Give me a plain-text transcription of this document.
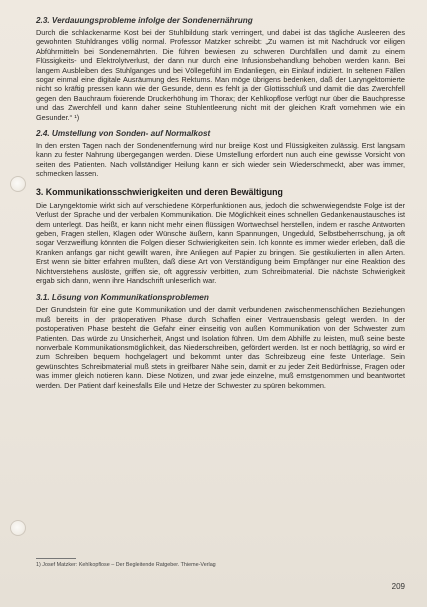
2.3. Verdauungsprobleme infolge der Sondenernährung

Durch die schlackenarme Kost bei der Stuhlbildung stark verringert, und dabei ist das tägliche Ausleeren des gewohnten Stuhldranges völlig normal. Professor Matzker schreibt: „Zu warnen ist mit Nachdruck vor eiligen Abführmitteln bei Sondenernährten. Die führen bewiesen zu schweren Durchfällen und damit zu einem Flüssigkeits- und Elektrolytverlust, der dann nur durch eine Infusionsbehandlung behoben werden kann. Bei langem Ausbleiben des Stuhlganges und bei Völlegefühl im Endanliegen, ein Einlauf indiziert. In seltenen Fällen sogar einmal eine digitale Ausräumung des Rektums. Man möge übrigens bedenken, daß der Laryngektomierte nicht so kräftig pressen kann wie der Gesunde, denn es fehlt ja der Glottisschluß und damit die das Zwerchfell gegen den Bauchraum fixierende Druckerhöhung im Thorax; der Kehlkopflose verfügt nur über die Bauchpresse und das Zwerchfell und kann daher seine Stuhlentleerung nicht mit der gleichen Kraft vornehmen wie ein Gesunder.“ ¹)

2.4. Umstellung von Sonden- auf Normalkost

In den ersten Tagen nach der Sondenentfernung wird nur breiige Kost und Flüssigkeiten zulässig. Erst langsam kann zu fester Nahrung übergegangen werden. Diese Umstellung erfordert nun auch eine gewisse Vorsicht von seiten des Patienten. Nach vollständiger Heilung kann er sich wieder sein Wiederschmeckt, aber was immer, schmecken lassen.

3. Kommunikationsschwierigkeiten und deren Bewältigung

Die Laryngektomie wirkt sich auf verschiedene Körperfunktionen aus, jedoch die schwerwiegendste Folge ist der Verlust der Sprache und der verbalen Kommunikation. Die Möglichkeit eines schnellen Gedankenaustausches ist dem unterlegt. Das heißt, er kann nicht mehr einen flüssigen Wortwechsel herstellen, indem er rasche Antworten geben, Fragen stellen, Klagen oder Wünsche äußern, kann Spannungen, Ungeduld, Selbstbeherrschung, ja oft sogar Verzweiflung könnten die Folgen dieser Schwierigkeiten sein. Ich konnte es immer wieder erleben, daß die Kranken anfangs gar nicht gewillt waren, ihre Anliegen auf Papier zu bringen. Sie gestikulierten in allen Arten. Erst wenn sie bitter erfahren mußten, daß diese Art von Verständigung beim Empfänger nur eine Reaktion des Nichtverstehens auslöste, griffen sie, oft aggressiv verbitten, zum Schreibmaterial. Die nächste Schwierigkeit ergab sich dann, wenn ihre Handschrift unleserlich war.

3.1. Lösung von Kommunikationsproblemen

Der Grundstein für eine gute Kommunikation und der damit verbundenen zwischenmenschlichen Beziehungen muß bereits in der präoperativen Phase durch Schaffen einer Vertrauensbasis gelegt werden. In der postoperativen Phase besteht die Gefahr einer einseitig von außen Kommunikation von der Schwester zum Patienten. Das würde zu Unsicherheit, Angst und Isolation führen. Um dem Abhilfe zu leisten, muß seine beste nonverbale Kommunikationsmöglichkeit, das Niederschreiben, gefördert werden. Ist er noch bettlägrig, so wird er zum Schreiben bequem hochgelagert und bekommt unter das Schreibzeug eine feste Unterlage. Sein gewünschtes Schreibmaterial muß stets in greifbarer Nähe sein, damit er zu jeder Zeit Bedürfnisse, Fragen oder was immer gleich notieren kann. Diese Notizen, und zwar jede einzelne, muß ernstgenommen und beantwortet werden. Der Patient darf keinesfalls Eile und Hetze der Schwester zu spüren bekommen.

1) Josef Matzker: Kehlkopflose – Der Begleitende Ratgeber. Thieme-Verlag
209
